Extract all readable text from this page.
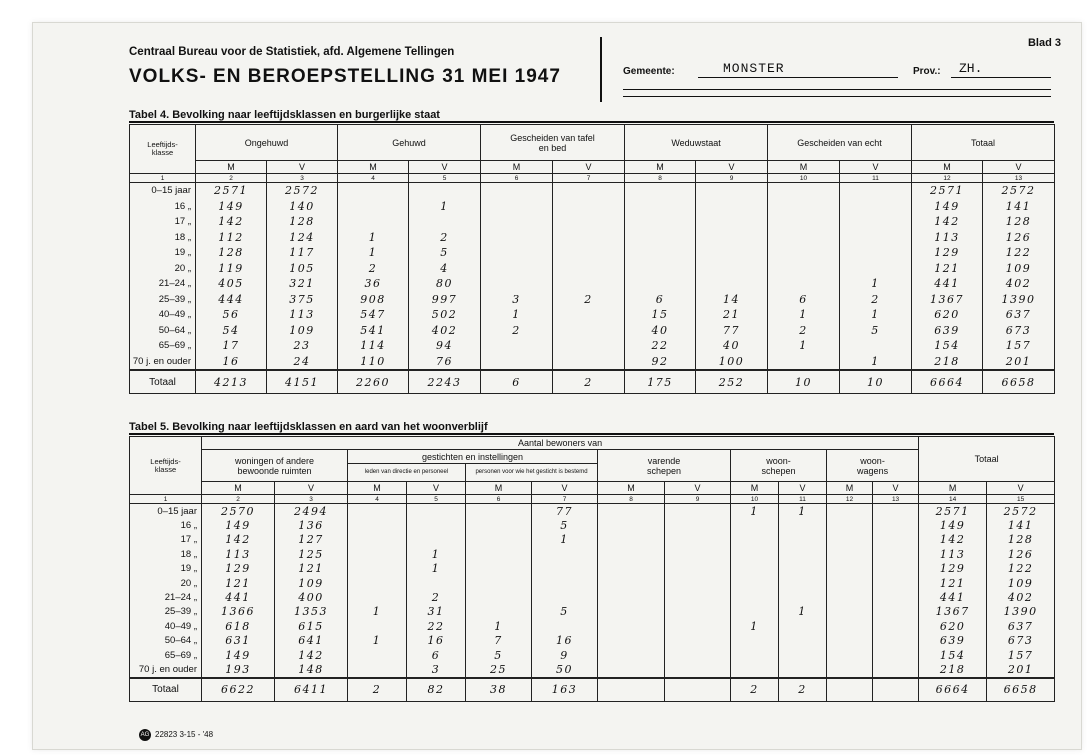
Blad 3
Centraal Bureau voor de Statistiek, afd. Algemene Tellingen
VOLKS- EN BEROEPSTELLING 31 MEI 1947	Gemeente:	MONSTER	Prov.: ZH.
Tabel 4. Bevolking naar leeftijdsklassen en burgerlijke staat
Leeftijds-klasse	Ongehuwd		Gehuwd		Gescheiden van tafel en bed		Weduwstaat		Gescheiden van echt		Totaal	
	M	V	M	V	M	V	M	V	M	V	M	V
1	2	3	4	5	6	7	8	9	10	11	12	13
0–15 jaar	2571	2572									2571	2572
16 „	149	140		1							149	141
17 „	142	128									142	128
18 „	112	124	1	2							113	126
19 „	128	117	1	5							129	122
20 „	119	105	2	4							121	109
21–24 „	405	321	36	80						1	441	402
25–39 „	444	375	908	997	3	2	6	14	6	2	1367	1390
40–49 „	56	113	547	502	1		15	21	1	1	620	637
50–64 „	54	109	541	402	2		40	77	2	5	639	673
65–69 „	17	23	114	94			22	40	1		154	157
70 j. en ouder	16	24	110	76			92	100		1	218	201
Totaal	4213	4151	2260	2243	6	2	175	252	10	10	6664	6658
Tabel 5. Bevolking naar leeftijdsklassen en aard van het woonverblijf
Leeftijds-klasse	Aantal bewoners van												Totaal	

	woningen of andere bewoonde ruimten		gestichten en instellingen				varende schepen		woon-schepen		woon-wagens			

			leden van directie en personeel		personen voor wie het gesticht is bestemd									

	M	V	M	V	M	V	M	V	M	V	M	V	M	V
1	2	3	4	5	6	7	8	9	10	11	12	13	14	15
0–15 jaar	2570	2494				77			1	1			2571	2572
16 „	149	136				5							149	141
17 „	142	127				1							142	128
18 „	113	125		1									113	126
19 „	129	121		1									129	122
20 „	121	109											121	109
21–24 „	441	400		2									441	402
25–39 „	1366	1353	1	31		5				1			1367	1390
40–49 „	618	615		22	1				1				620	637
50–64 „	631	641	1	16	7	16							639	673
65–69 „	149	142		6	5	9							154	157
70 j. en ouder	193	148		3	25	50							218	201
Totaal	6622	6411	2	82	38	163			2	2			6664	6658
AG 22823 3-15 - '48
